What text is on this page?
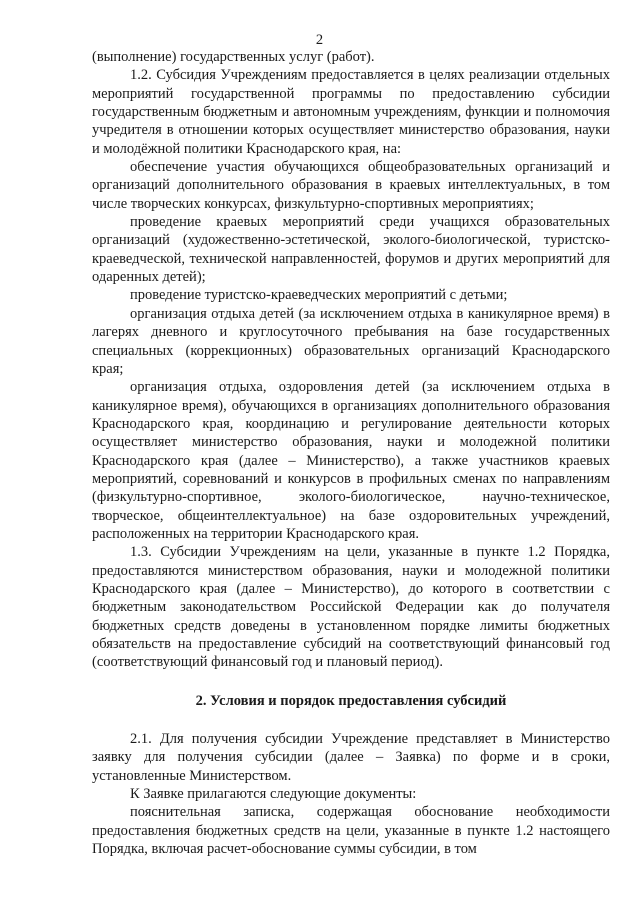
2

(выполнение) государственных услуг (работ).

1.2. Субсидия Учреждениям предоставляется в целях реализации отдельных мероприятий государственной программы по предоставлению субсидии государственным бюджетным и автономным учреждениям, функции и полномочия учредителя в отношении которых осуществляет министерство образования, науки и молодёжной политики Краснодарского края, на:

обеспечение участия обучающихся общеобразовательных организаций и организаций дополнительного образования в краевых интеллектуальных, в том числе творческих конкурсах, физкультурно-спортивных мероприятиях;

проведение краевых мероприятий среди учащихся образовательных организаций (художественно-эстетической, эколого-биологической, туристско-краеведческой, технической направленностей, форумов и других мероприятий для одаренных детей);

проведение туристско-краеведческих мероприятий с детьми;

организация отдыха детей (за исключением отдыха в каникулярное время) в лагерях дневного и круглосуточного пребывания на базе государственных специальных (коррекционных) образовательных организаций Краснодарского края;

организация отдыха, оздоровления детей (за исключением отдыха в каникулярное время), обучающихся в организациях дополнительного образования Краснодарского края, координацию и регулирование деятельности которых осуществляет министерство образования, науки и молодежной политики Краснодарского края (далее – Министерство), а также участников краевых мероприятий, соревнований и конкурсов в профильных сменах по направлениям (физкультурно-спортивное, эколого-биологическое, научно-техническое, творческое, общеинтеллектуальное) на базе оздоровительных учреждений, расположенных на территории Краснодарского края.

1.3. Субсидии Учреждениям на цели, указанные в пункте 1.2 Порядка, предоставляются министерством образования, науки и молодежной политики Краснодарского края (далее – Министерство), до которого в соответствии с бюджетным законодательством Российской Федерации как до получателя бюджетных средств доведены в установленном порядке лимиты бюджетных обязательств на предоставление субсидий на соответствующий финансовый год (соответствующий финансовый год и плановый период).

2. Условия и порядок предоставления субсидий

2.1. Для получения субсидии Учреждение представляет в Министерство заявку для получения субсидии (далее – Заявка) по форме и в сроки, установленные Министерством.

К Заявке прилагаются следующие документы:

пояснительная записка, содержащая обоснование необходимости предоставления бюджетных средств на цели, указанные в пункте 1.2 настоящего Порядка, включая расчет-обоснование суммы субсидии, в том
